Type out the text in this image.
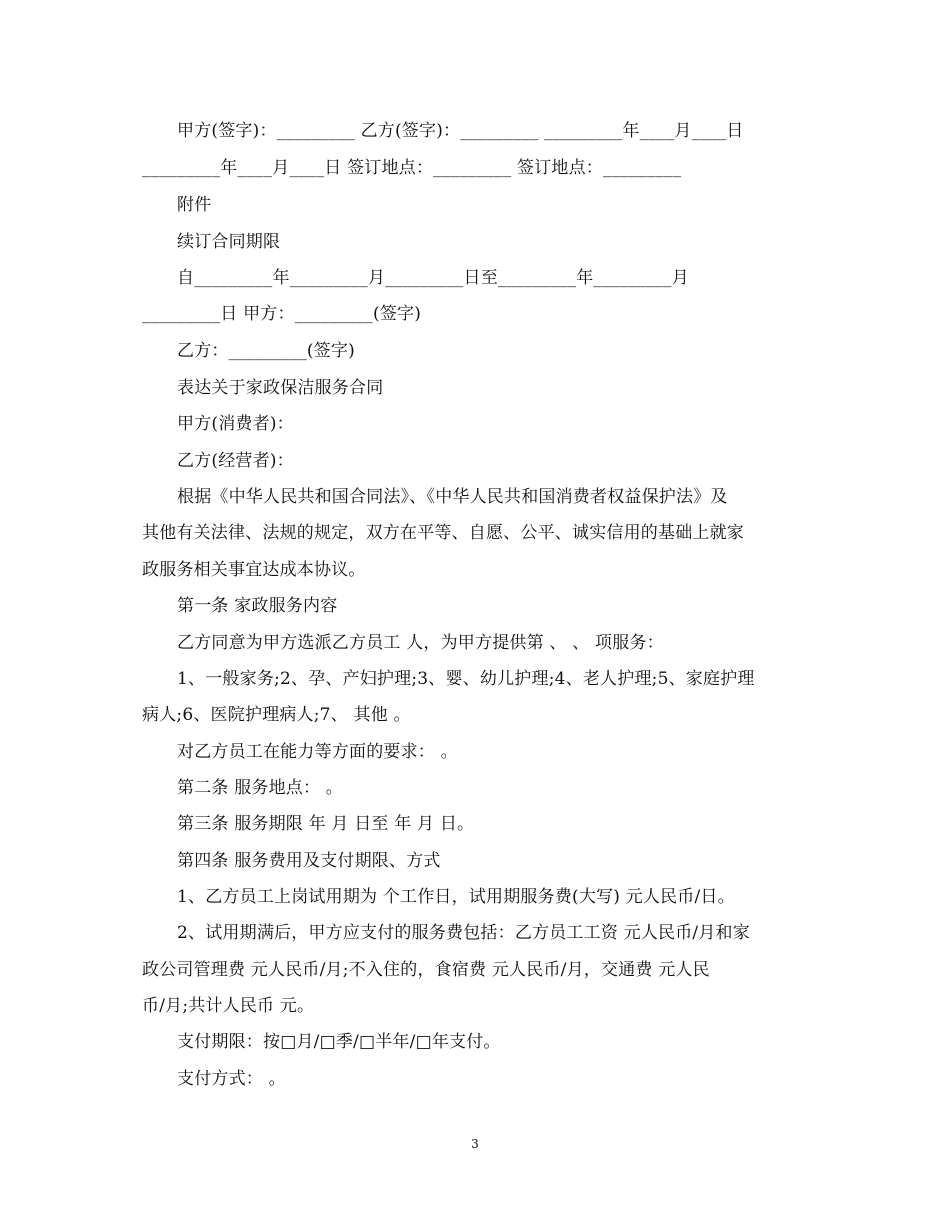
甲方(签字)：_________ 乙方(签字)：_________ _________年____月____日
_________年____月____日 签订地点：_________ 签订地点：_________
附件
续订合同期限
自_________年_________月_________日至_________年_________月
_________日 甲方：_________(签字)
乙方：_________(签字)
表达关于家政保洁服务合同
甲方(消费者)：
乙方(经营者)：
根据《中华人民共和国合同法》、《中华人民共和国消费者权益保护法》及
其他有关法律、法规的规定，双方在平等、自愿、公平、诚实信用的基础上就家
政服务相关事宜达成本协议。
第一条 家政服务内容
乙方同意为甲方选派乙方员工 人，为甲方提供第 、 、 项服务：
1、一般家务;2、孕、产妇护理;3、婴、幼儿护理;4、老人护理;5、家庭护理
病人;6、医院护理病人;7、 其他 。
对乙方员工在能力等方面的要求： 。
第二条 服务地点： 。
第三条 服务期限 年 月 日至 年 月 日。
第四条 服务费用及支付期限、方式
1、乙方员工上岗试用期为 个工作日，试用期服务费(大写) 元人民币/日。
2、试用期满后，甲方应支付的服务费包括：乙方员工工资 元人民币/月和家
政公司管理费 元人民币/月;不入住的，食宿费 元人民币/月，交通费 元人民
币/月;共计人民币 元。
支付期限：按□月/□季/□半年/□年支付。
支付方式： 。
3
